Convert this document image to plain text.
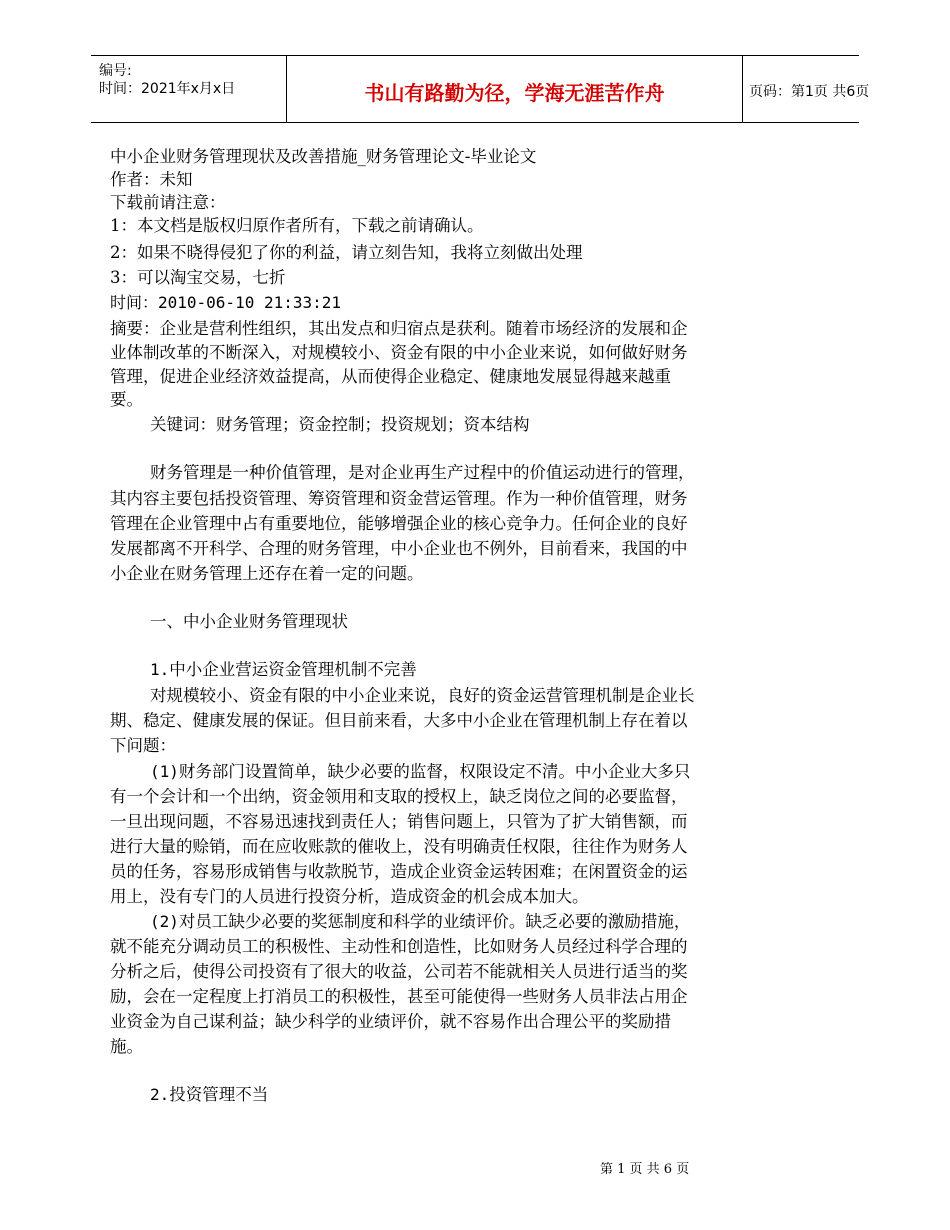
编号:
时间：2021年x月x日	书山有路勤为径，学海无涯苦作舟	页码：第1页 共6页
中小企业财务管理现状及改善措施_财务管理论文-毕业论文
作者：未知
下载前请注意：
1：本文档是版权归原作者所有，下载之前请确认。
2：如果不晓得侵犯了你的利益，请立刻告知，我将立刻做出处理
3：可以淘宝交易，七折
时间：2010-06-10 21:33:21
摘要：企业是营利性组织，其出发点和归宿点是获利。随着市场经济的发展和企
业体制改革的不断深入，对规模较小、资金有限的中小企业来说，如何做好财务
管理，促进企业经济效益提高，从而使得企业稳定、健康地发展显得越来越重
要。
关键词：财务管理；资金控制；投资规划；资本结构
财务管理是一种价值管理，是对企业再生产过程中的价值运动进行的管理，
其内容主要包括投资管理、筹资管理和资金营运管理。作为一种价值管理，财务
管理在企业管理中占有重要地位，能够增强企业的核心竞争力。任何企业的良好
发展都离不开科学、合理的财务管理，中小企业也不例外，目前看来，我国的中
小企业在财务管理上还存在着一定的问题。
一、中小企业财务管理现状
1.中小企业营运资金管理机制不完善
对规模较小、资金有限的中小企业来说，良好的资金运营管理机制是企业长
期、稳定、健康发展的保证。但目前来看，大多中小企业在管理机制上存在着以
下问题：
(1)财务部门设置简单，缺少必要的监督，权限设定不清。中小企业大多只
有一个会计和一个出纳，资金领用和支取的授权上，缺乏岗位之间的必要监督，
一旦出现问题，不容易迅速找到责任人；销售问题上，只管为了扩大销售额，而
进行大量的赊销，而在应收账款的催收上，没有明确责任权限，往往作为财务人
员的任务，容易形成销售与收款脱节，造成企业资金运转困难；在闲置资金的运
用上，没有专门的人员进行投资分析，造成资金的机会成本加大。
(2)对员工缺少必要的奖惩制度和科学的业绩评价。缺乏必要的激励措施，
就不能充分调动员工的积极性、主动性和创造性，比如财务人员经过科学合理的
分析之后，使得公司投资有了很大的收益，公司若不能就相关人员进行适当的奖
励，会在一定程度上打消员工的积极性，甚至可能使得一些财务人员非法占用企
业资金为自己谋利益；缺少科学的业绩评价，就不容易作出合理公平的奖励措
施。
2.投资管理不当
第 1 页 共 6 页
